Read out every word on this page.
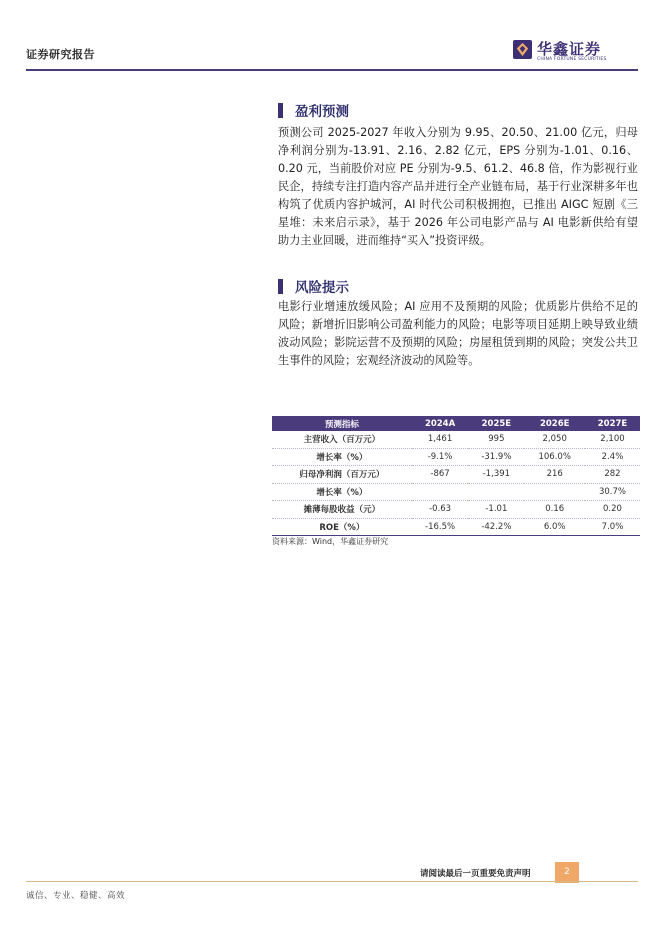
证券研究报告	华鑫证券
CHINA FORTUNE SECURITIES
盈利预测
预测公司 2025-2027 年收入分别为 9.95、20.50、21.00 亿元，归母净利润分别为-13.91、2.16、2.82 亿元，EPS 分别为-1.01、0.16、0.20 元，当前股价对应 PE 分别为-9.5、61.2、46.8 倍，作为影视行业民企，持续专注打造内容产品并进行全产业链布局，基于行业深耕多年也构筑了优质内容护城河，AI 时代公司积极拥抱，已推出 AIGC 短剧《三星堆：未来启示录》，基于 2026 年公司电影产品与 AI 电影新供给有望助力主业回暖，进而维持“买入”投资评级。
风险提示
电影行业增速放缓风险；AI 应用不及预期的风险；优质影片供给不足的风险；新增折旧影响公司盈利能力的风险；电影等项目延期上映导致业绩波动风险；影院运营不及预期的风险；房屋租赁到期的风险；突发公共卫生事件的风险；宏观经济波动的风险等。
预测指标	2024A	2025E	2026E	2027E
主营收入（百万元）	1,461	995	2,050	2,100
增长率（%）	-9.1%	-31.9%	106.0%	2.4%
归母净利润（百万元）	-867	-1,391	216	282
增长率（%）				30.7%
摊薄每股收益（元）	-0.63	-1.01	0.16	0.20
ROE（%）	-16.5%	-42.2%	6.0%	7.0%
资料来源：Wind，华鑫证券研究
请阅读最后一页重要免责声明	2
诚信、专业、稳健、高效
